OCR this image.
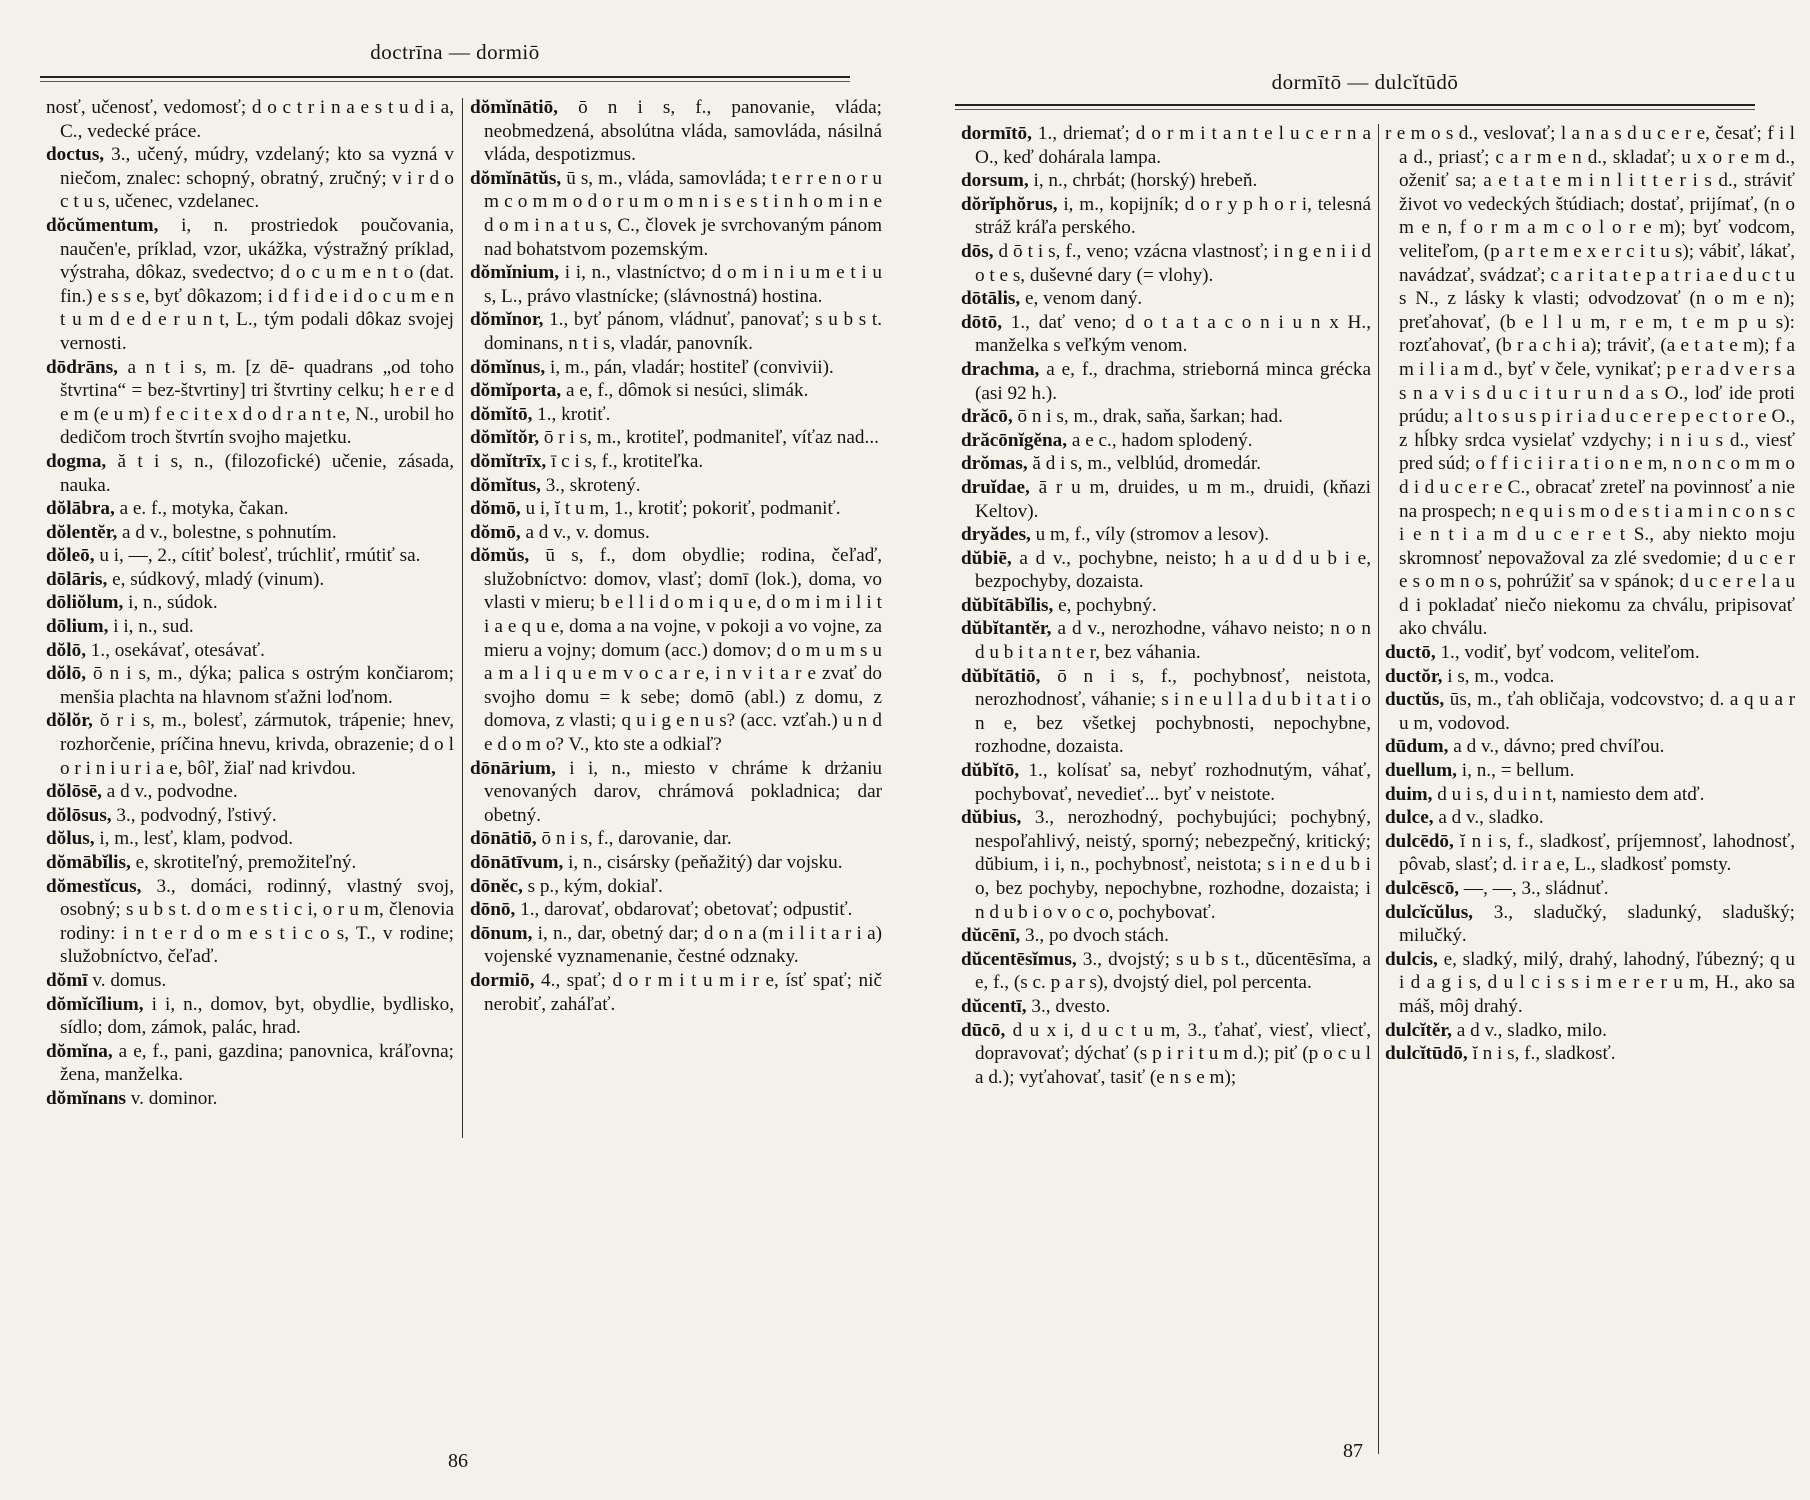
doctrīna — dormiō

nosť, učenosť, vedomosť; d o c t r i n a e s t u d i a, C., vedecké práce.

doctus, 3., učený, múdry, vzdelaný; kto sa vyzná v niečom, znalec: schopný, obratný, zručný; v i r d o c t u s, učenec, vzdelanec.

dŏcŭmentum, i, n. prostriedok poučovania, naučen'e, príklad, vzor, ukážka, výstražný príklad, výstraha, dôkaz, svedectvo; d o c u m e n t o (dat. fin.) e s s e, byť dôkazom; i d f i d e i d o c u m e n t u m d e d e r u n t, L., tým podali dôkaz svojej vernosti.

dōdrāns, a n t i s, m. [z dē- quadrans „od toho štvrtina“ = bez-štvrtiny] tri štvrtiny celku; h e r e d e m (e u m) f e c i t e x d o d r a n t e, N., urobil ho dedičom troch štvrtín svojho majetku.

dogma, ă t i s, n., (filozofické) učenie, zásada, nauka.

dŏlābra, a e. f., motyka, čakan.

dŏlentĕr, a d v., bolestne, s pohnutím.

dŏleō, u i, —, 2., cítiť bolesť, trúchliť, rmútiť sa.

dōlāris, e, súdkový, mladý (vinum).

dōliŏlum, i, n., súdok.

dōlium, i i, n., sud.

dŏlō, 1., osekávať, otesávať.

dŏlō, ō n i s, m., dýka; palica s ostrým končiarom; menšia plachta na hlavnom sťažni loďnom.

dŏlŏr, ŏ r i s, m., bolesť, zármutok, trápenie; hnev, rozhorčenie, príčina hnevu, krivda, obrazenie; d o l o r i n i u r i a e, bôľ, žiaľ nad krivdou.

dŏlōsē, a d v., podvodne.

dŏlōsus, 3., podvodný, ľstivý.

dŏlus, i, m., lesť, klam, podvod.

dŏmābĭlis, e, skrotiteľný, premožiteľný.

dŏmestĭcus, 3., domáci, rodinný, vlastný svoj, osobný; s u b s t. d o m e s t i c i, o r u m, členovia rodiny: i n t e r d o m e s t i c o s, T., v rodine; služobníctvo, čeľaď.

dŏmī v. domus.

dŏmĭcĭlium, i i, n., domov, byt, obydlie, bydlisko, sídlo; dom, zámok, palác, hrad.

dŏmĭna, a e, f., pani, gazdina; panovnica, kráľovna; žena, manželka.

dŏmĭnans v. dominor.

dŏmĭnātiō, ō n i s, f., panovanie, vláda; neobmedzená, absolútna vláda, samovláda, násilná vláda, despotizmus.

dŏmĭnātŭs, ū s, m., vláda, samovláda; t e r r e n o r u m c o m m o d o r u m o m n i s e s t i n h o m i n e d o m i n a t u s, C., človek je svrchovaným pánom nad bohatstvom pozemským.

dŏmĭnium, i i, n., vlastníctvo; d o m i n i u m e t i u s, L., právo vlastnícke; (slávnostná) hostina.

dŏmĭnor, 1., byť pánom, vládnuť, panovať; s u b s t. dominans, n t i s, vladár, panovník.

dŏmĭnus, i, m., pán, vladár; hostiteľ (convivii).

dŏmĭporta, a e, f., dômok si nesúci, slimák.

dŏmĭtō, 1., krotiť.

dŏmĭtŏr, ō r i s, m., krotiteľ, podmaniteľ, víťaz nad...

dŏmĭtrīx, ī c i s, f., krotiteľka.

dŏmĭtus, 3., skrotený.

dŏmō, u i, ĭ t u m, 1., krotiť; pokoriť, podmaniť.

dŏmō, a d v., v. domus.

dŏmŭs, ū s, f., dom obydlie; rodina, čeľaď, služobníctvo: domov, vlasť; domī (lok.), doma, vo vlasti v mieru; b e l l i d o m i q u e, d o m i m i l i t i a e q u e, doma a na vojne, v pokoji a vo vojne, za mieru a vojny; domum (acc.) domov; d o m u m s u a m a l i q u e m v o c a r e, i n v i t a r e zvať do svojho domu = k sebe; domō (abl.) z domu, z domova, z vlasti; q u i g e n u s? (acc. vzťah.) u n d e d o m o? V., kto ste a odkiaľ?

dōnārium, i i, n., miesto v chráme k drżaniu venovaných darov, chrámová pokladnica; dar obetný.

dōnātiō, ō n i s, f., darovanie, dar.

dōnātīvum, i, n., cisársky (peňažitý) dar vojsku.

dōnĕc, s p., kým, dokiaľ.

dōnō, 1., darovať, obdarovať; obetovať; odpustiť.

dōnum, i, n., dar, obetný dar; d o n a (m i l i t a r i a) vojenské vyznamenanie, čestné odznaky.

dormiō, 4., spať; d o r m i t u m i r e, ísť spať; nič nerobiť, zaháľať.

86
dormītō — dulcĭtūdō

dormītō, 1., driemať; d o r m i t a n t e l u c e r n a O., keď dohárala lampa.

dorsum, i, n., chrbát; (horský) hrebeň.

dŏrĭphŏrus, i, m., kopijník; d o r y p h o r i, telesná stráž kráľa perského.

dōs, d ō t i s, f., veno; vzácna vlastnosť; i n g e n i i d o t e s, duševné dary (= vlohy).

dōtālis, e, venom daný.

dōtō, 1., dať veno; d o t a t a c o n i u n x H., manželka s veľkým venom.

drachma, a e, f., drachma, strieborná minca grécka (asi 92 h.).

drăcō, ō n i s, m., drak, saňa, šarkan; had.

drăcōnĭgĕna, a e c., hadom splodený.

drŏmas, ă d i s, m., velblúd, dromedár.

druĭdae, ā r u m, druides, u m m., druidi, (kňazi Keltov).

dryădes, u m, f., víly (stromov a lesov).

dŭbiē, a d v., pochybne, neisto; h a u d d u b i e, bezpochyby, dozaista.

dŭbĭtābĭlis, e, pochybný.

dŭbĭtantĕr, a d v., nerozhodne, váhavo neisto; n o n d u b i t a n t e r, bez váhania.

dŭbĭtātiō, ō n i s, f., pochybnosť, neistota, nerozhodnosť, váhanie; s i n e u l l a d u b i t a t i o n e, bez všetkej pochybnosti, nepochybne, rozhodne, dozaista.

dŭbĭtō, 1., kolísať sa, nebyť rozhodnutým, váhať, pochybovať, nevedieť... byť v neistote.

dŭbius, 3., nerozhodný, pochybujúci; pochybný, nespoľahlivý, neistý, sporný; nebezpečný, kritický; dŭbium, i i, n., pochybnosť, neistota; s i n e d u b i o, bez pochyby, nepochybne, rozhodne, dozaista; i n d u b i o v o c o, pochybovať.

dŭcēnī, 3., po dvoch stách.

dŭcentēsĭmus, 3., dvojstý; s u b s t., dŭcentēsĭma, a e, f., (s c. p a r s), dvojstý diel, pol percenta.

dŭcentī, 3., dvesto.

dūcō, d u x i, d u c t u m, 3., ťahať, viesť, vliecť, dopravovať; dýchať (s p i r i t u m d.); piť (p o c u l a d.); vyťahovať, tasiť (e n s e m);

r e m o s d., veslovať; l a n a s d u c e r e, česať; f i l a d., priasť; c a r m e n d., skladať; u x o r e m d., oženiť sa; a e t a t e m i n l i t t e r i s d., stráviť život vo vedeckých štúdiach; dostať, prijímať, (n o m e n, f o r m a m c o l o r e m); byť vodcom, veliteľom, (p a r t e m e x e r c i t u s); vábiť, lákať, navádzať, svádzať; c a r i t a t e p a t r i a e d u c t u s N., z lásky k vlasti; odvodzovať (n o m e n); preťahovať, (b e l l u m, r e m, t e m p u s): rozťahovať, (b r a c h i a); tráviť, (a e t a t e m); f a m i l i a m d., byť v čele, vynikať; p e r a d v e r s a s n a v i s d u c i t u r u n d a s O., loď ide proti prúdu; a l t o s u s p i r i a d u c e r e p e c t o r e O., z hĺbky srdca vysielať vzdychy; i n i u s d., viesť pred súd; o f f i c i i r a t i o n e m, n o n c o m m o d i d u c e r e C., obracať zreteľ na povinnosť a nie na prospech; n e q u i s m o d e s t i a m i n c o n s c i e n t i a m d u c e r e t S., aby niekto moju skromnosť nepovažoval za zlé svedomie; d u c e r e s o m n o s, pohrúžiť sa v spánok; d u c e r e l a u d i pokladať niečo niekomu za chválu, pripisovať ako chválu.

ductō, 1., vodiť, byť vodcom, veliteľom.

ductŏr, i s, m., vodca.

ductŭs, ūs, m., ťah obličaja, vodcovstvo; d. a q u a r u m, vodovod.

dūdum, a d v., dávno; pred chvíľou.

duellum, i, n., = bellum.

duim, d u i s, d u i n t, namiesto dem atď.

dulce, a d v., sladko.

dulcēdō, ĭ n i s, f., sladkosť, príjemnosť, lahodnosť, pôvab, slasť; d. i r a e, L., sladkosť pomsty.

dulcēscō, —, —, 3., sládnuť.

dulcĭcŭlus, 3., sladučký, sladunký, sladušký; milučký.

dulcis, e, sladký, milý, drahý, lahodný, ľúbezný; q u i d a g i s, d u l c i s s i m e r e r u m, H., ako sa máš, môj drahý.

dulcĭtĕr, a d v., sladko, milo.

dulcĭtūdō, ĭ n i s, f., sladkosť.

87
